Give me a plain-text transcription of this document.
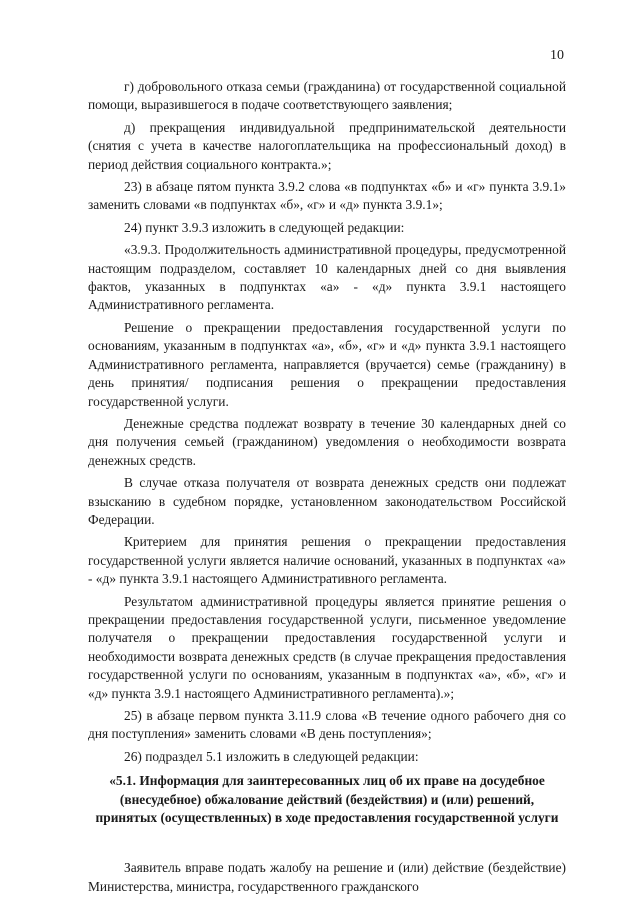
10

г) добровольного отказа семьи (гражданина) от государственной социальной помощи, выразившегося в подаче соответствующего заявления;

д) прекращения индивидуальной предпринимательской деятельности (снятия с учета в качестве налогоплательщика на профессиональный доход) в период действия социального контракта.»;

23) в абзаце пятом пункта 3.9.2 слова «в подпунктах «б» и «г» пункта 3.9.1» заменить словами «в подпунктах «б», «г» и «д» пункта 3.9.1»;

24) пункт 3.9.3 изложить в следующей редакции:

«3.9.3. Продолжительность административной процедуры, предусмотренной настоящим подразделом, составляет 10 календарных дней со дня выявления фактов, указанных в подпунктах «а» - «д» пункта 3.9.1 настоящего Административного регламента.

Решение о прекращении предоставления государственной услуги по основаниям, указанным в подпунктах «а», «б», «г» и «д» пункта 3.9.1 настоящего Административного регламента, направляется (вручается) семье (гражданину) в день принятия/ подписания решения о прекращении предоставления государственной услуги.

Денежные средства подлежат возврату в течение 30 календарных дней со дня получения семьей (гражданином) уведомления о необходимости возврата денежных средств.

В случае отказа получателя от возврата денежных средств они подлежат взысканию в судебном порядке, установленном законодательством Российской Федерации.

Критерием для принятия решения о прекращении предоставления государственной услуги является наличие оснований, указанных в подпунктах «а» - «д» пункта 3.9.1 настоящего Административного регламента.

Результатом административной процедуры является принятие решения о прекращении предоставления государственной услуги, письменное уведомление получателя о прекращении предоставления государственной услуги и необходимости возврата денежных средств (в случае прекращения предоставления государственной услуги по основаниям, указанным в подпунктах «а», «б», «г» и «д» пункта 3.9.1 настоящего Административного регламента).»;

25) в абзаце первом пункта 3.11.9 слова «В течение одного рабочего дня со дня поступления» заменить словами «В день поступления»;

26) подраздел 5.1 изложить в следующей редакции:

«5.1. Информация для заинтересованных лиц об их праве на досудебное (внесудебное) обжалование действий (бездействия) и (или) решений, принятых (осуществленных) в ходе предоставления государственной услуги

Заявитель вправе подать жалобу на решение и (или) действие (бездействие) Министерства, министра, государственного гражданского
